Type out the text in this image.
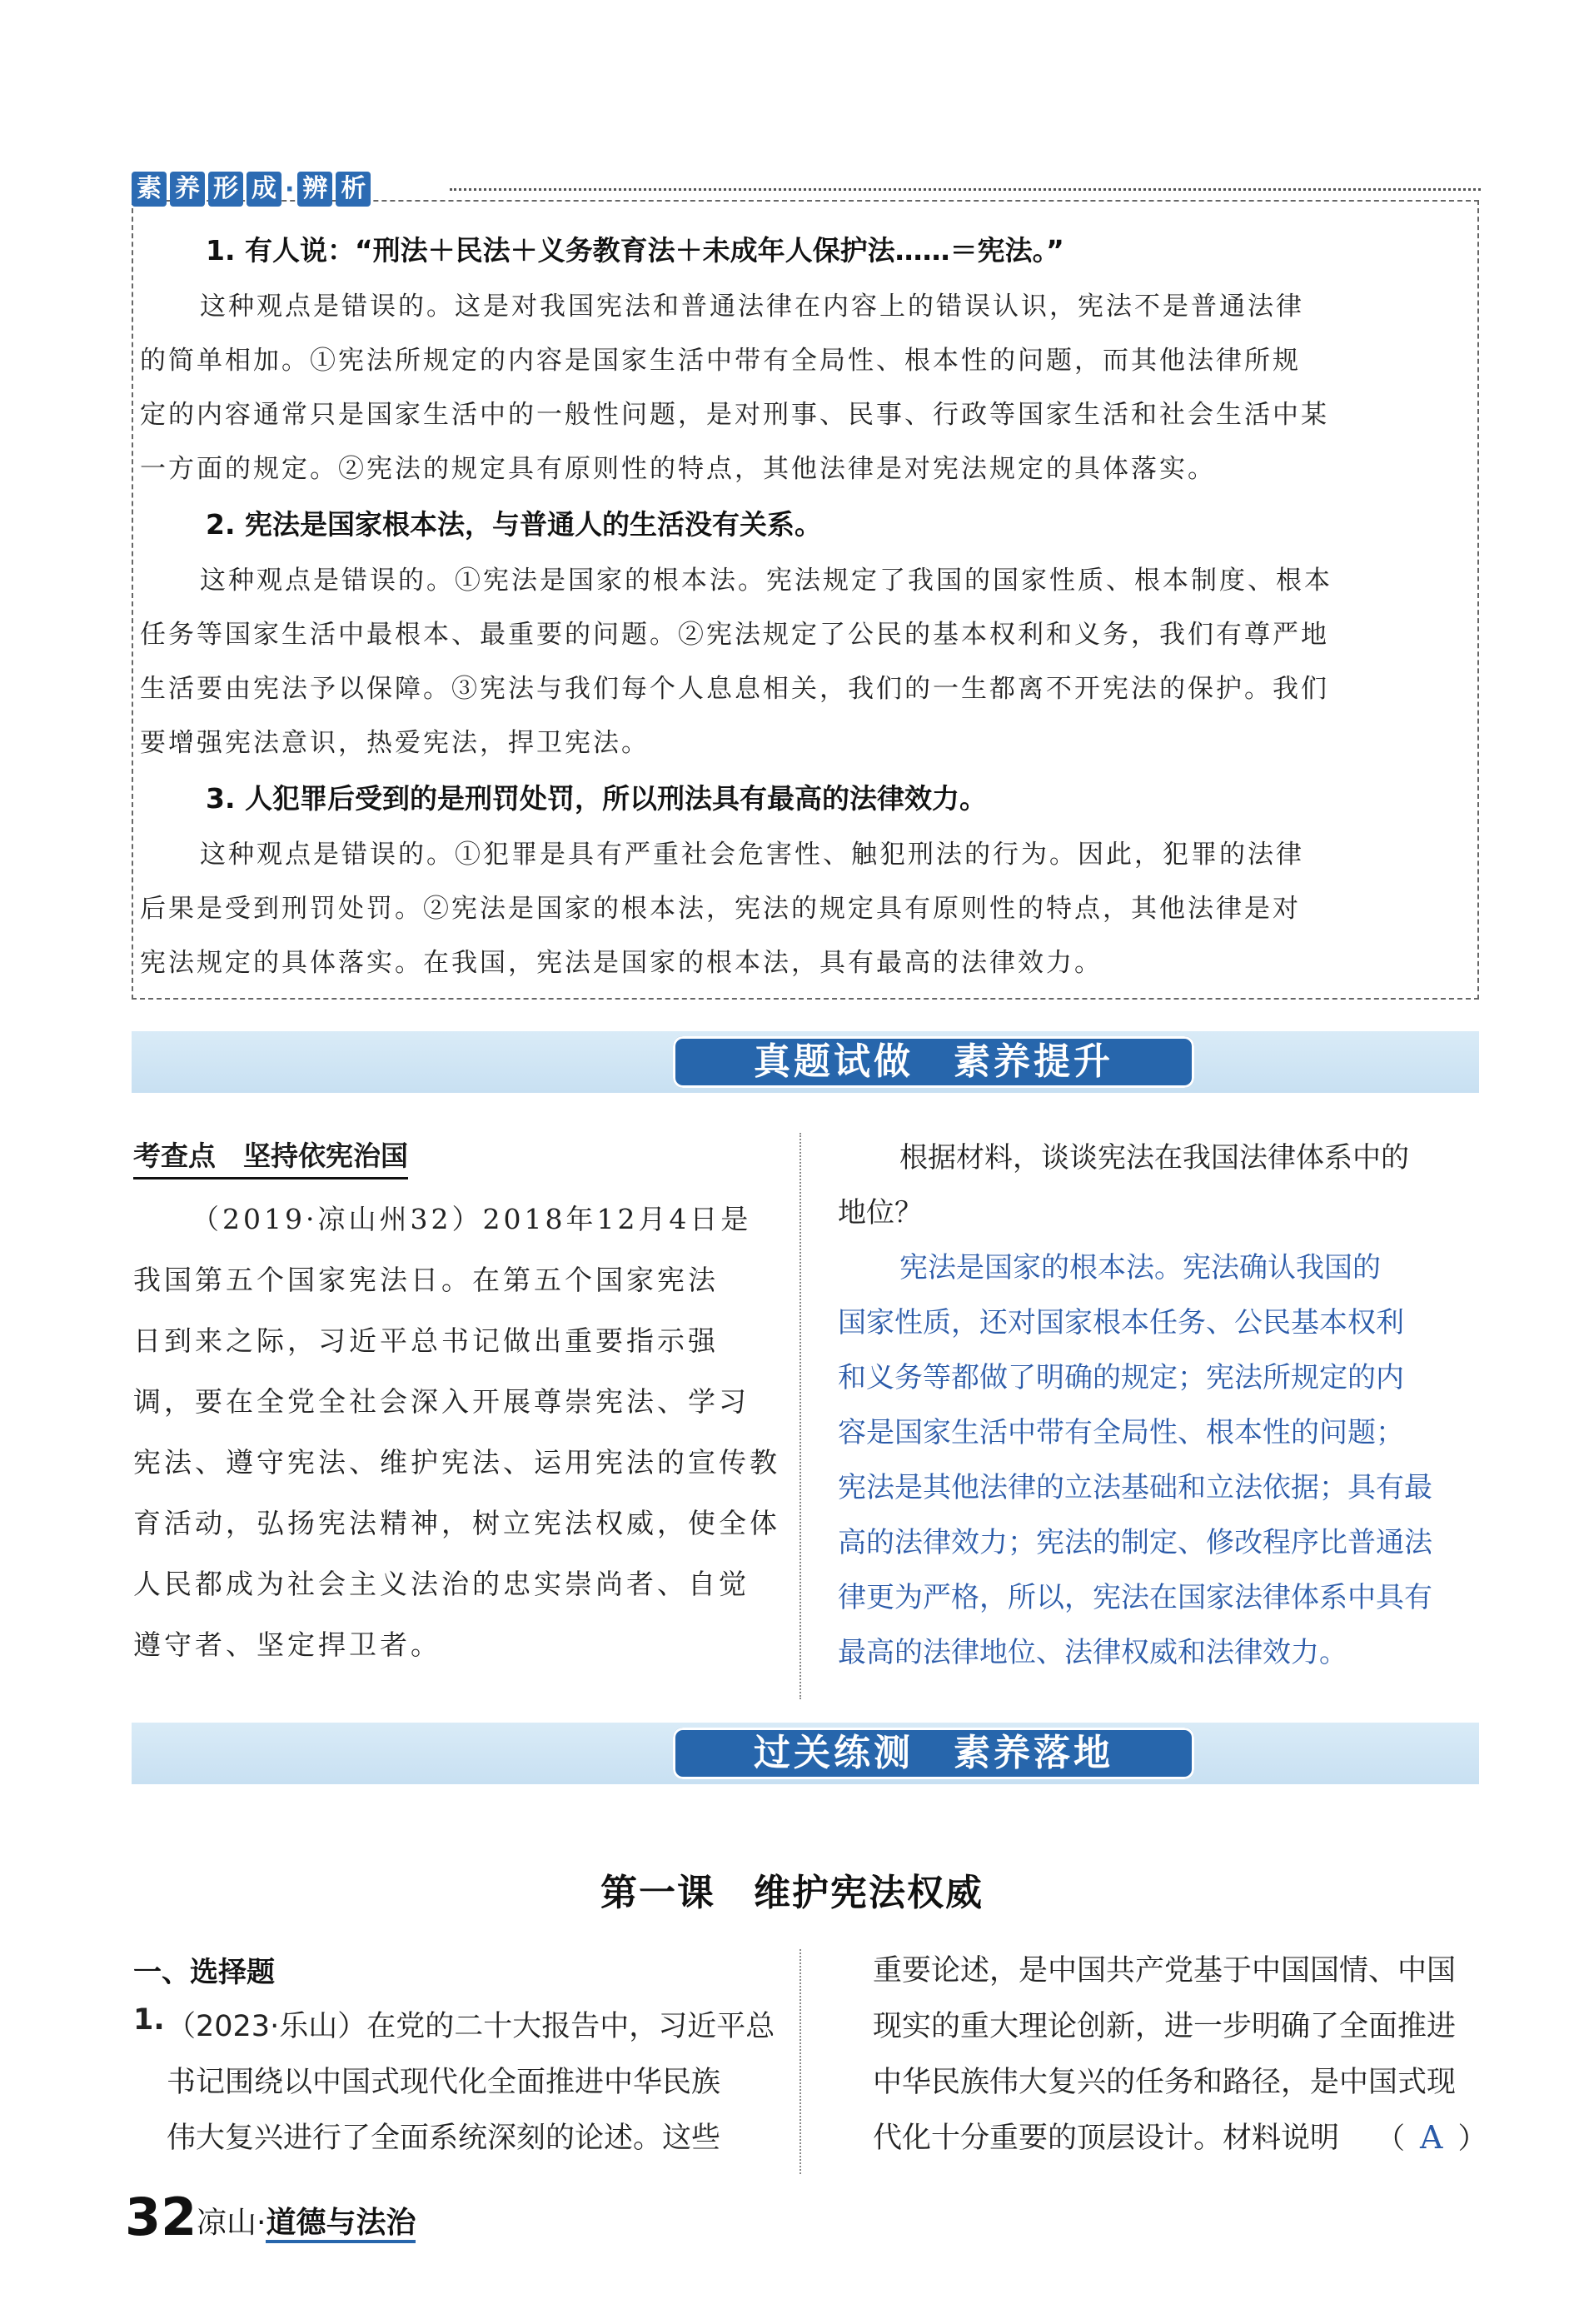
素 养 形 成 · 辨 析
1. 有人说：“刑法＋民法＋义务教育法＋未成年人保护法……＝宪法。”
这种观点是错误的。这是对我国宪法和普通法律在内容上的错误认识，宪法不是普通法律
的简单相加。①宪法所规定的内容是国家生活中带有全局性、根本性的问题，而其他法律所规
定的内容通常只是国家生活中的一般性问题，是对刑事、民事、行政等国家生活和社会生活中某
一方面的规定。②宪法的规定具有原则性的特点，其他法律是对宪法规定的具体落实。
2. 宪法是国家根本法，与普通人的生活没有关系。
这种观点是错误的。①宪法是国家的根本法。宪法规定了我国的国家性质、根本制度、根本
任务等国家生活中最根本、最重要的问题。②宪法规定了公民的基本权利和义务，我们有尊严地
生活要由宪法予以保障。③宪法与我们每个人息息相关，我们的一生都离不开宪法的保护。我们
要增强宪法意识，热爱宪法，捍卫宪法。
3. 人犯罪后受到的是刑罚处罚，所以刑法具有最高的法律效力。
这种观点是错误的。①犯罪是具有严重社会危害性、触犯刑法的行为。因此，犯罪的法律
后果是受到刑罚处罚。②宪法是国家的根本法，宪法的规定具有原则性的特点，其他法律是对
宪法规定的具体落实。在我国，宪法是国家的根本法，具有最高的法律效力。
真题试做　素养提升
考查点　坚持依宪治国
（2019·凉山州32）2018年12月4日是
我国第五个国家宪法日。在第五个国家宪法
日到来之际，习近平总书记做出重要指示强
调，要在全党全社会深入开展尊崇宪法、学习
宪法、遵守宪法、维护宪法、运用宪法的宣传教
育活动，弘扬宪法精神，树立宪法权威，使全体
人民都成为社会主义法治的忠实崇尚者、自觉
遵守者、坚定捍卫者。
根据材料，谈谈宪法在我国法律体系中的
地位？
宪法是国家的根本法。宪法确认我国的
国家性质，还对国家根本任务、公民基本权利
和义务等都做了明确的规定；宪法所规定的内
容是国家生活中带有全局性、根本性的问题；
宪法是其他法律的立法基础和立法依据；具有最
高的法律效力；宪法的制定、修改程序比普通法
律更为严格，所以，宪法在国家法律体系中具有
最高的法律地位、法律权威和法律效力。
过关练测　素养落地
第一课　维护宪法权威
一、选择题
1. （2023·乐山）在党的二十大报告中，习近平总
书记围绕以中国式现代化全面推进中华民族
伟大复兴进行了全面系统深刻的论述。这些
重要论述，是中国共产党基于中国国情、中国
现实的重大理论创新，进一步明确了全面推进
中华民族伟大复兴的任务和路径，是中国式现
代化十分重要的顶层设计。材料说明 （ A ）
32 凉山·道德与法治
